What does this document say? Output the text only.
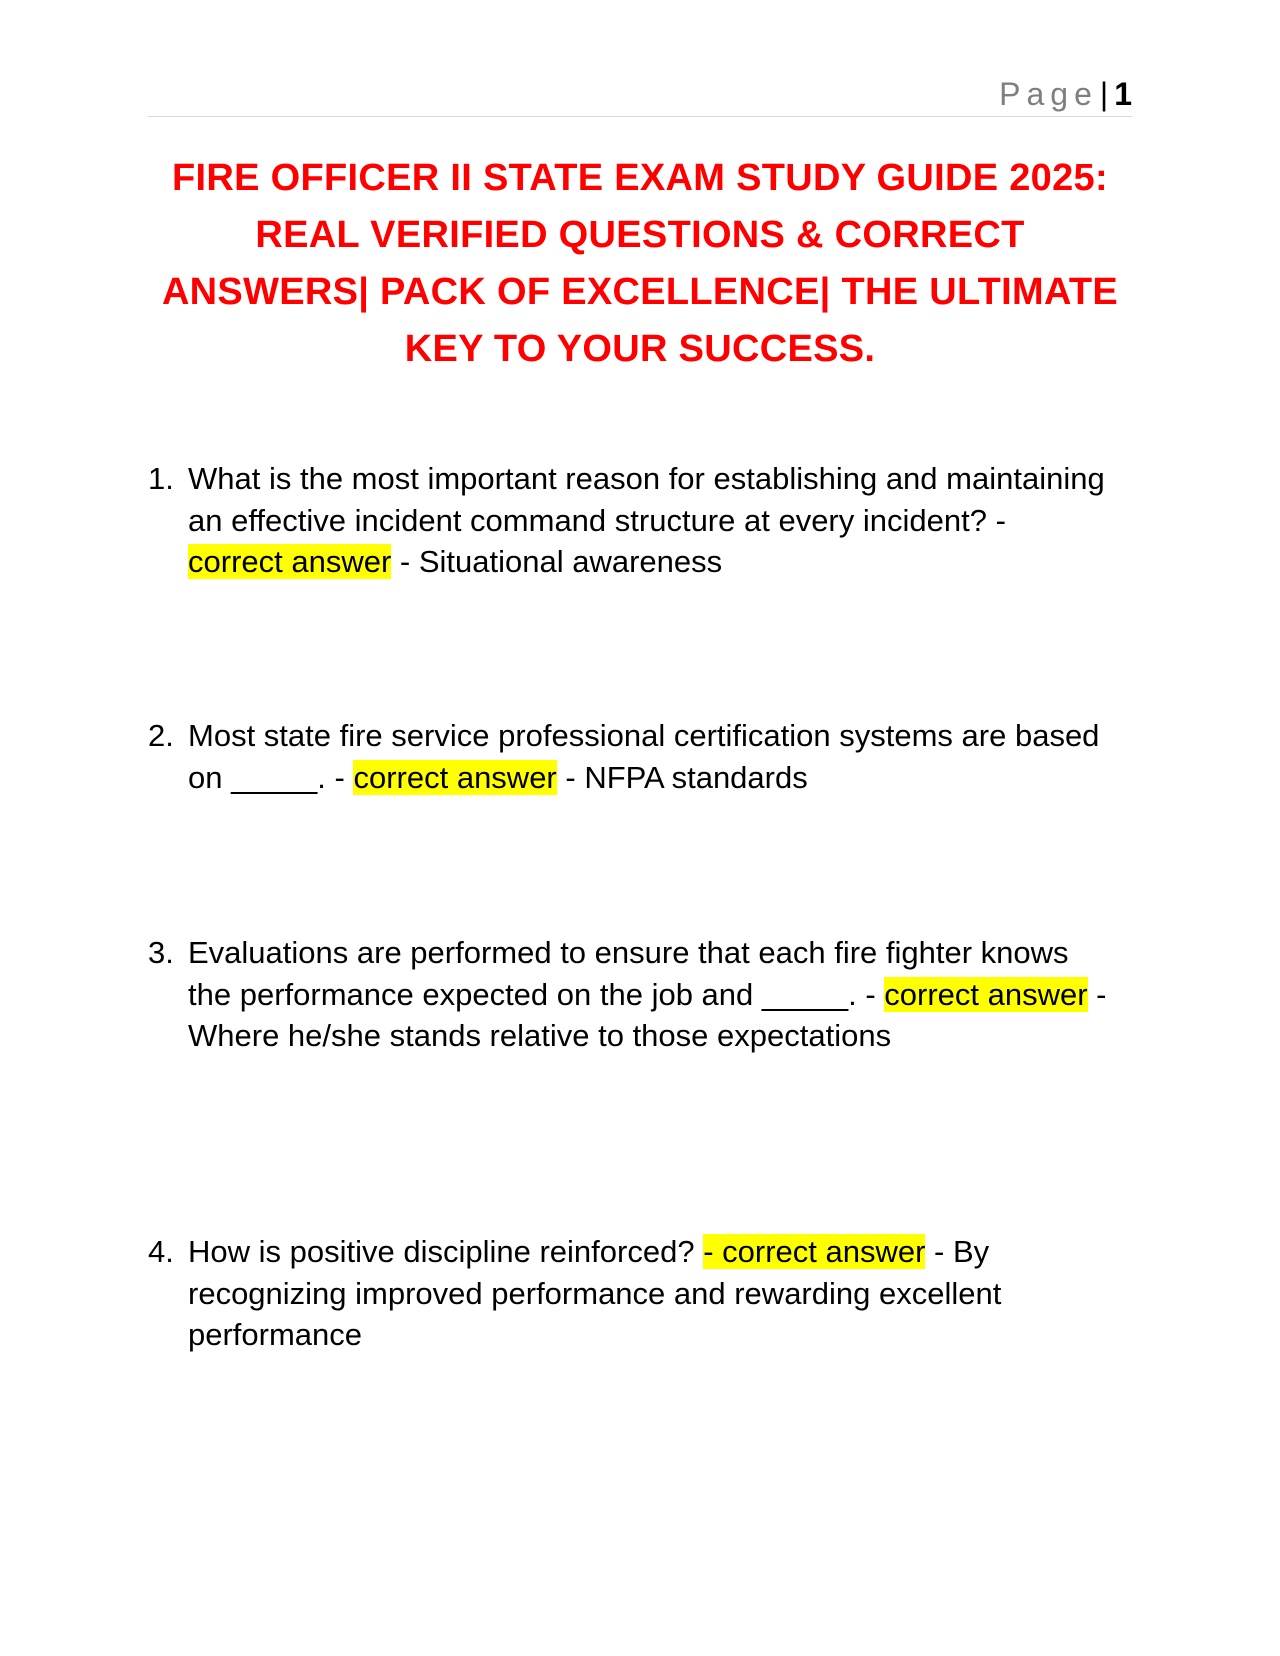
Page| 1
FIRE OFFICER II STATE EXAM STUDY GUIDE 2025: REAL VERIFIED QUESTIONS & CORRECT ANSWERS| PACK OF EXCELLENCE| THE ULTIMATE KEY TO YOUR SUCCESS.
1. What is the most important reason for establishing and maintaining an effective incident command structure at every incident? - correct answer - Situational awareness
2. Most state fire service professional certification systems are based on _____. - correct answer - NFPA standards
3. Evaluations are performed to ensure that each fire fighter knows the performance expected on the job and _____. - correct answer - Where he/she stands relative to those expectations
4. How is positive discipline reinforced? - correct answer - By recognizing improved performance and rewarding excellent performance
